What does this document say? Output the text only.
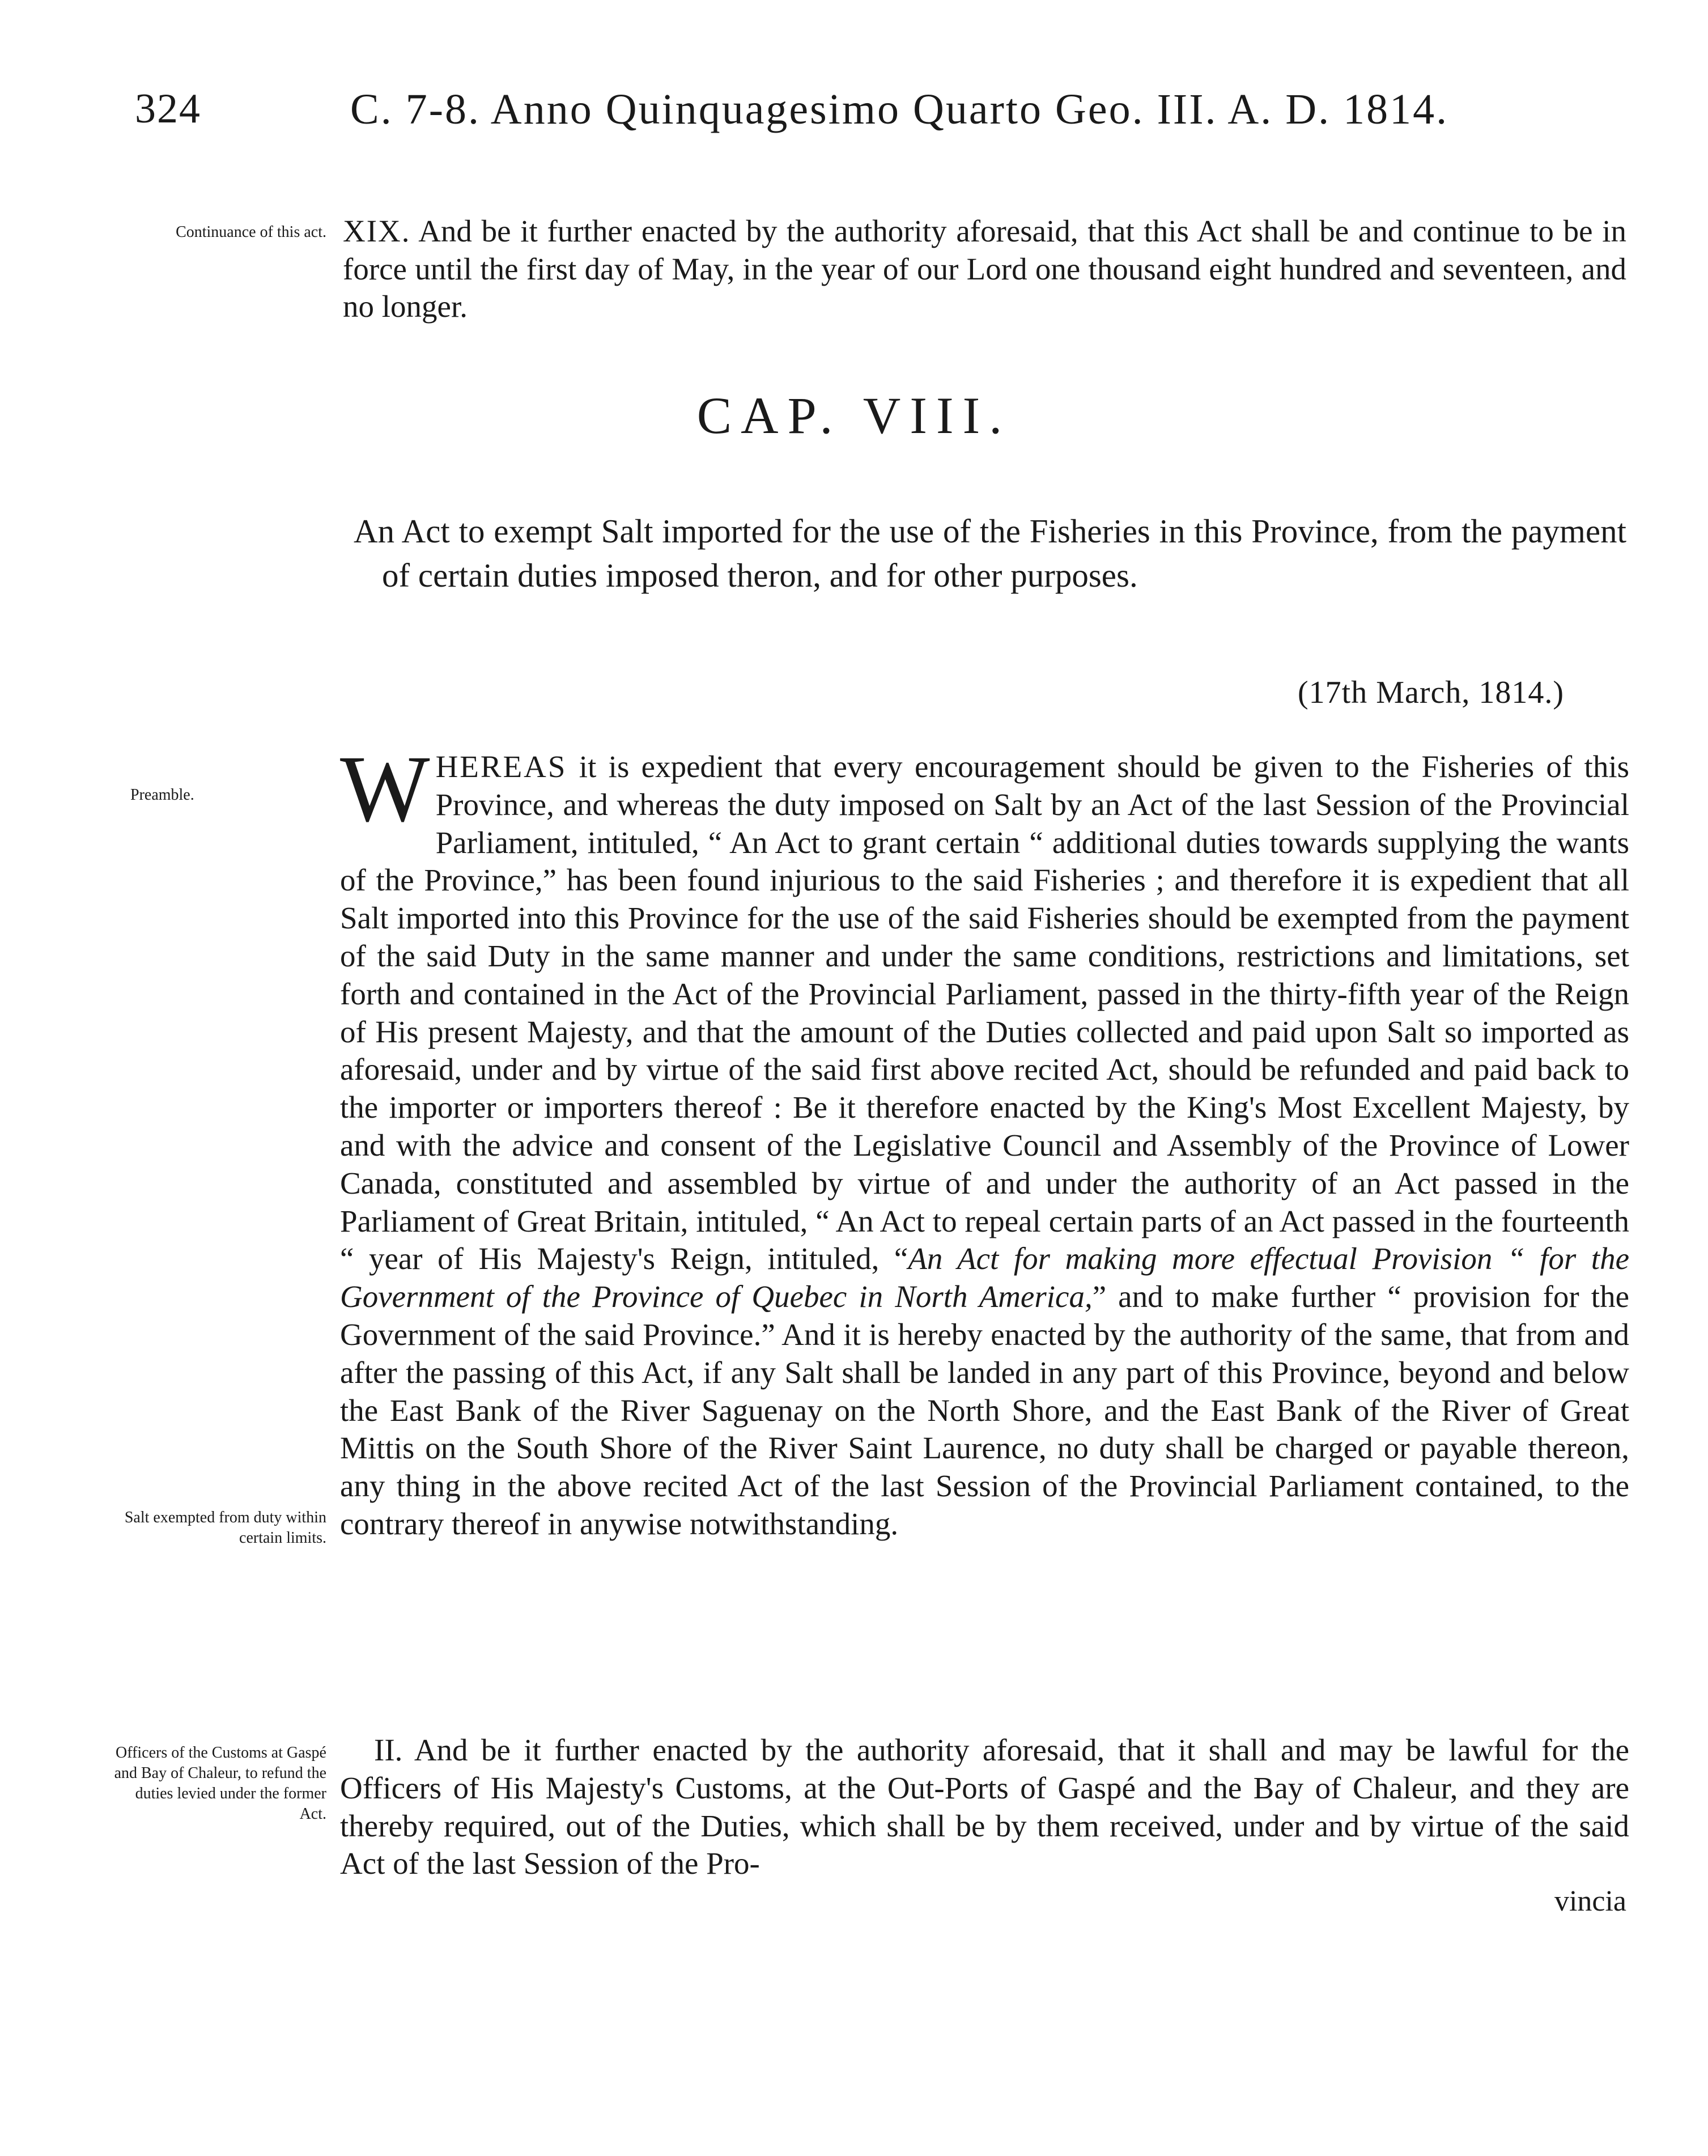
324	C. 7-8. Anno Quinquagesimo Quarto Geo. III. A. D. 1814.
Continuance of this act. XIX. And be it further enacted by the authority aforesaid, that this Act shall be and continue to be in force until the first day of May, in the year of our Lord one thousand eight hundred and seventeen, and no longer.
CAP. VIII.
An Act to exempt Salt imported for the use of the Fisheries in this Province, from the payment of certain duties imposed theron, and for other purposes.
(17th March, 1814.)
Preamble.
Salt exempted from duty within certain limits.
WHEREAS it is expedient that every encouragement should be given to the Fisheries of this Province, and whereas the duty imposed on Salt by an Act of the last Session of the Provincial Parliament, intituled, “ An Act to grant certain “ additional duties towards supplying the wants of the Province,” has been found injurious to the said Fisheries ; and therefore it is expedient that all Salt imported into this Province for the use of the said Fisheries should be exempted from the payment of the said Duty in the same manner and under the same conditions, restrictions and limitations, set forth and contained in the Act of the Provincial Parliament, passed in the thirty-fifth year of the Reign of His present Majesty, and that the amount of the Duties collected and paid upon Salt so imported as aforesaid, under and by virtue of the said first above recited Act, should be refunded and paid back to the importer or importers thereof : Be it therefore enacted by the King's Most Excellent Majesty, by and with the advice and consent of the Legislative Council and Assembly of the Province of Lower Canada, constituted and assembled by virtue of and under the authority of an Act passed in the Parliament of Great Britain, intituled, “ An Act to repeal certain parts of an Act passed in the fourteenth “ year of His Majesty's Reign, intituled, “An Act for making more effectual Provision “ for the Government of the Province of Quebec in North America,” and to make further “ provision for the Government of the said Province.” And it is hereby enacted by the authority of the same, that from and after the passing of this Act, if any Salt shall be landed in any part of this Province, beyond and below the East Bank of the River Saguenay on the North Shore, and the East Bank of the River of Great Mittis on the South Shore of the River Saint Laurence, no duty shall be charged or payable thereon, any thing in the above recited Act of the last Session of the Provincial Parliament contained, to the contrary thereof in anywise notwithstanding.
Officers of the Customs at Gaspé and Bay of Chaleur, to refund the duties levied under the former Act.
II. And be it further enacted by the authority aforesaid, that it shall and may be lawful for the Officers of His Majesty's Customs, at the Out-Ports of Gaspé and the Bay of Chaleur, and they are thereby required, out of the Duties, which shall be by them received, under and by virtue of the said Act of the last Session of the Pro-
vincia
